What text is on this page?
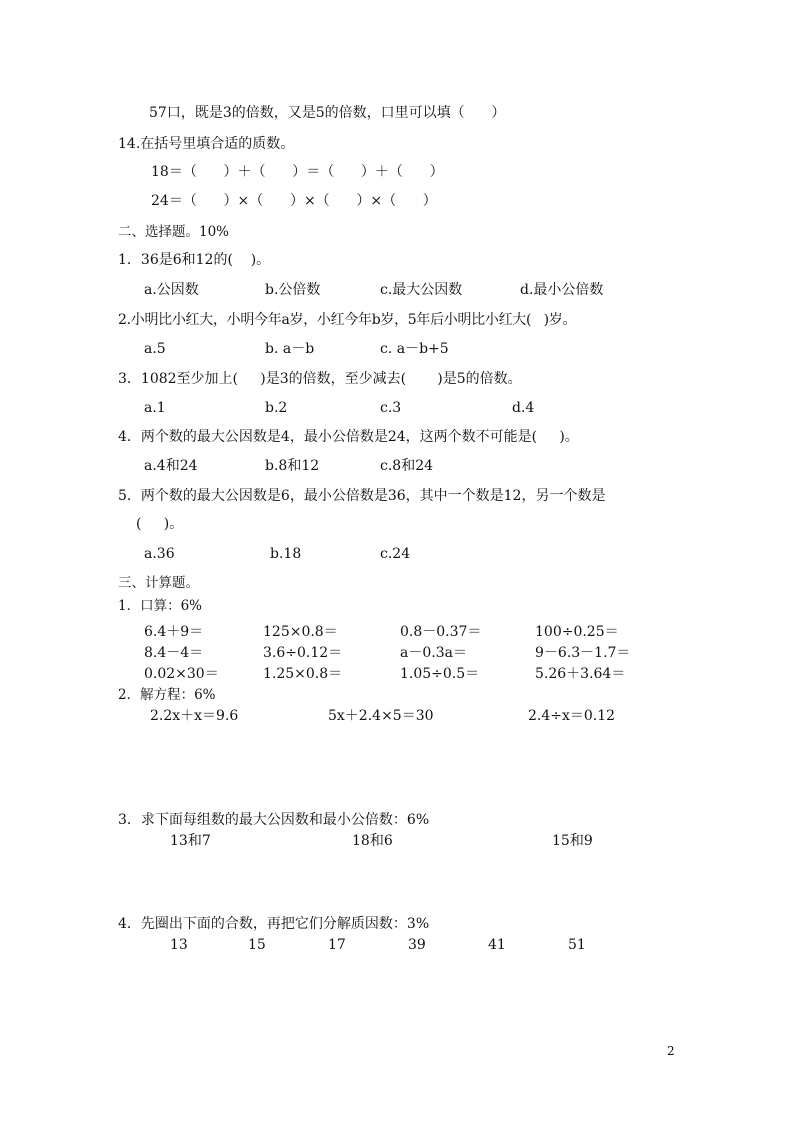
57口，既是3的倍数，又是5的倍数，口里可以填（      ）
14.在括号里填合适的质数。
18＝（      ）＋（      ）＝（      ）＋（      ）
24＝（      ）×（      ）×（      ）×（      ）
二、选择题。10%
1．36是6和12的(    )。
a.公因数	b.公倍数	c.最大公因数	d.最小公倍数
2.小明比小红大，小明今年a岁，小红今年b岁，5年后小明比小红大(   )岁。
a.5	b. a－b	c. a－b+5
3．1082至少加上(     )是3的倍数，至少减去(       )是5的倍数。
a.1	b.2	c.3	d.4
4．两个数的最大公因数是4，最小公倍数是24，这两个数不可能是(     )。
a.4和24	b.8和12	c.8和24
5．两个数的最大公因数是6，最小公倍数是36，其中一个数是12，另一个数是
(     )。
a.36	b.18	c.24
三、计算题。
1．口算：6%
6.4＋9＝	125×0.8＝	0.8－0.37＝	100÷0.25＝
8.4－4＝	3.6÷0.12＝	a－0.3a＝	9－6.3－1.7＝
0.02×30＝	1.25×0.8＝	1.05÷0.5＝	5.26＋3.64＝
2．解方程：6%
2.2x＋x＝9.6	5x＋2.4×5＝30	2.4÷x＝0.12
3．求下面每组数的最大公因数和最小公倍数：6%
13和7	18和6	15和9
4．先圈出下面的合数，再把它们分解质因数：3%
13	15	17	39	41	51
2
